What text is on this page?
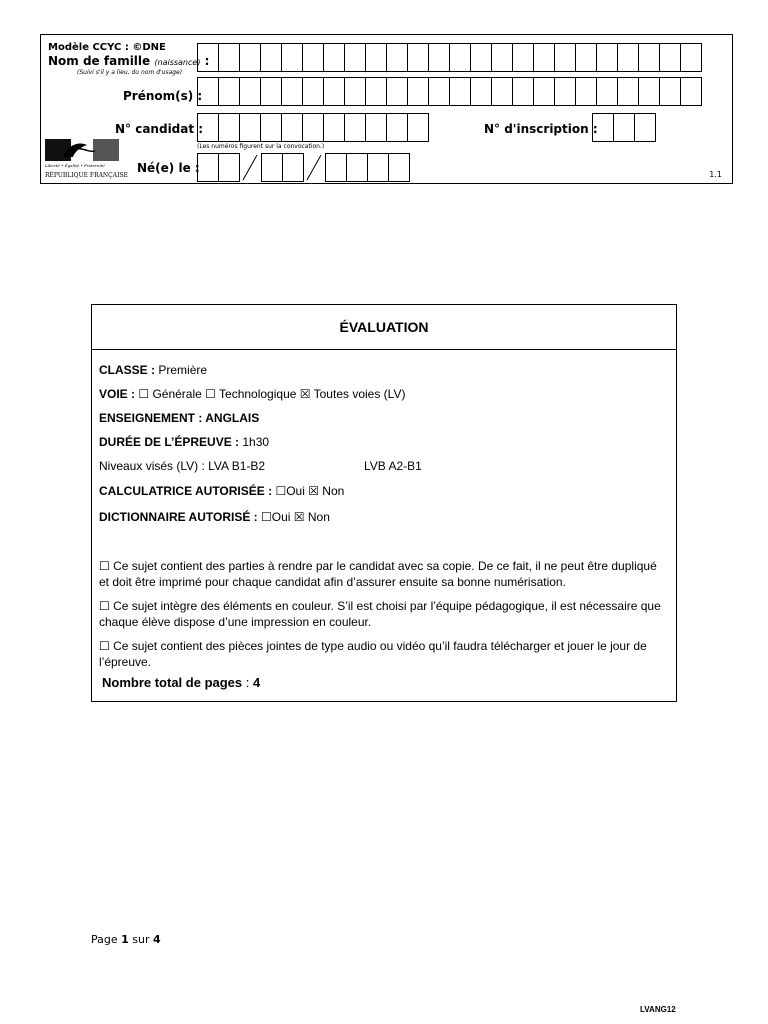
Modèle CCYC : ©DNE
Nom de famille (naissance) :
(Suivi s'il y a lieu, du nom d'usage)
Prénom(s) :
N° candidat :
(Les numéros figurent sur la convocation.)
N° d'inscription :
Liberté • Égalité • Fraternité
RÉPUBLIQUE FRANÇAISE
Né(e) le :	1.1
ÉVALUATION
CLASSE : Première
VOIE : ☐ Générale ☐ Technologique ☒ Toutes voies (LV)
ENSEIGNEMENT : ANGLAIS
DURÉE DE L’ÉPREUVE : 1h30
Niveaux visés (LV) : LVA B1-B2	LVB A2-B1
CALCULATRICE AUTORISÉE : ☐Oui ☒ Non
DICTIONNAIRE AUTORISÉ : ☐Oui ☒ Non
☐ Ce sujet contient des parties à rendre par le candidat avec sa copie. De ce fait, il ne peut être dupliqué et doit être imprimé pour chaque candidat afin d’assurer ensuite sa bonne numérisation.
☐ Ce sujet intègre des éléments en couleur. S’il est choisi par l’équipe pédagogique, il est nécessaire que chaque élève dispose d’une impression en couleur.
☐ Ce sujet contient des pièces jointes de type audio ou vidéo qu’il faudra télécharger et jouer le jour de l’épreuve.
Nombre total de pages : 4
Page 1 sur 4
LVANG12
